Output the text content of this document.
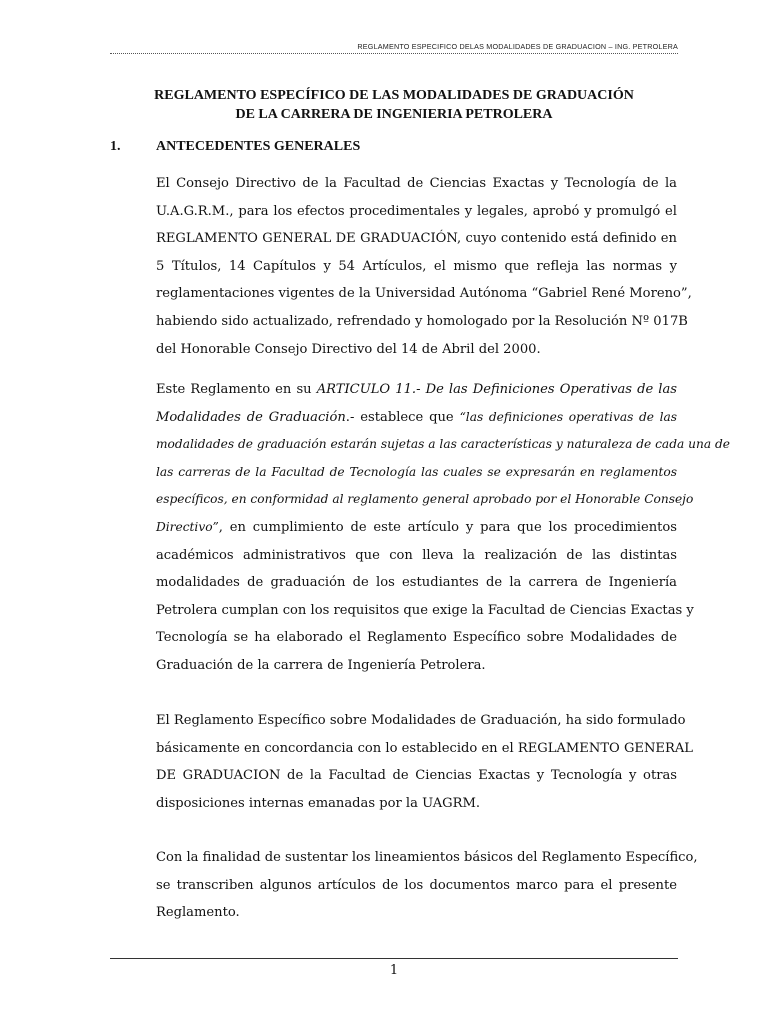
REGLAMENTO ESPECIFICO DELAS MODALIDADES DE GRADUACION – ING. PETROLERA
REGLAMENTO ESPECÍFICO DE LAS MODALIDADES DE GRADUACIÓN
DE LA CARRERA DE INGENIERIA PETROLERA
1.	ANTECEDENTES GENERALES
El Consejo Directivo de la Facultad de Ciencias Exactas y Tecnología de la
U.A.G.R.M., para los efectos procedimentales y legales, aprobó y promulgó el
REGLAMENTO GENERAL DE GRADUACIÓN, cuyo contenido está definido en
5 Títulos, 14 Capítulos y 54 Artículos, el mismo que refleja las normas y
reglamentaciones vigentes de la Universidad Autónoma “Gabriel René Moreno”,
habiendo sido actualizado, refrendado y homologado por la Resolución Nº 017B
del Honorable Consejo Directivo del 14 de Abril del 2000.
Este Reglamento en su ARTICULO 11.- De las Definiciones Operativas de las
Modalidades de Graduación.- establece que “las definiciones operativas de las
modalidades de graduación estarán sujetas a las características y naturaleza de cada una de
las carreras de la Facultad de Tecnología las cuales se expresarán en reglamentos
específicos, en conformidad al reglamento general aprobado por el Honorable Consejo
Directivo”, en cumplimiento de este artículo y para que los procedimientos
académicos administrativos que con lleva la realización de las distintas
modalidades de graduación de los estudiantes de la carrera de Ingeniería
Petrolera cumplan con los requisitos que exige la Facultad de Ciencias Exactas y
Tecnología se ha elaborado el Reglamento Específico sobre Modalidades de
Graduación de la carrera de Ingeniería Petrolera.
El Reglamento Específico sobre Modalidades de Graduación, ha sido formulado
básicamente en concordancia con lo establecido en el REGLAMENTO GENERAL
DE GRADUACION de la Facultad de Ciencias Exactas y Tecnología y otras
disposiciones internas emanadas por la UAGRM.
Con la finalidad de sustentar los lineamientos básicos del Reglamento Específico,
se transcriben algunos artículos de los documentos marco para el presente
Reglamento.
1
